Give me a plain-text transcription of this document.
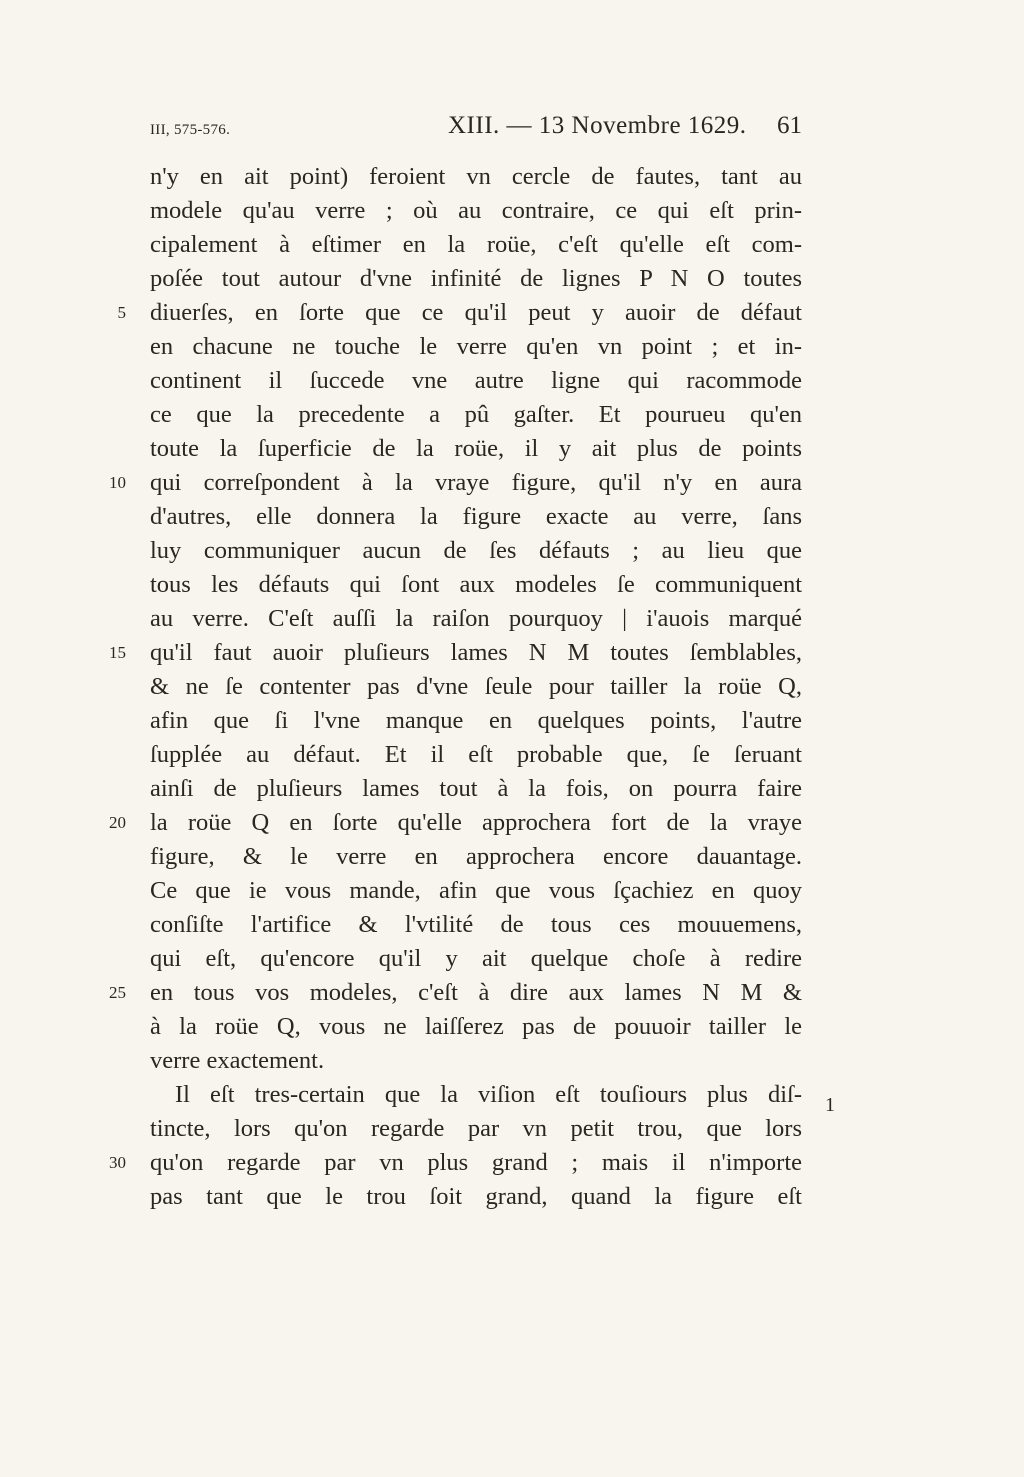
III, 575-576.	XIII. — 13 Novembre 1629. 61
n'y en ait point) feroient vn cercle de fautes, tant au
modele qu'au verre ; où au contraire, ce qui eſt prin-
cipalement à eſtimer en la roüe, c'eſt qu'elle eſt com-
poſée tout autour d'vne infinité de lignes P N O toutes
diuerſes, en ſorte que ce qu'il peut y auoir de défaut
en chacune ne touche le verre qu'en vn point ; et in-
continent il ſuccede vne autre ligne qui racommode
ce que la precedente a pû gaſter. Et pourueu qu'en
toute la ſuperficie de la roüe, il y ait plus de points
qui correſpondent à la vraye figure, qu'il n'y en aura
d'autres, elle donnera la figure exacte au verre, ſans
luy communiquer aucun de ſes défauts ; au lieu que
tous les défauts qui ſont aux modeles ſe communiquent
au verre. C'eſt auſſi la raiſon pourquoy | i'auois marqué
qu'il faut auoir pluſieurs lames N M toutes ſemblables,
& ne ſe contenter pas d'vne ſeule pour tailler la roüe Q,
afin que ſi l'vne manque en quelques points, l'autre
ſupplée au défaut. Et il eſt probable que, ſe ſeruant
ainſi de pluſieurs lames tout à la fois, on pourra faire
la roüe Q en ſorte qu'elle approchera fort de la vraye
figure, & le verre en approchera encore dauantage.
Ce que ie vous mande, afin que vous ſçachiez en quoy
conſiſte l'artifice & l'vtilité de tous ces mouuemens,
qui eſt, qu'encore qu'il y ait quelque choſe à redire
en tous vos modeles, c'eſt à dire aux lames N M &
à la roüe Q, vous ne laiſſerez pas de pouuoir tailler le
verre exactement.
Il eſt tres-certain que la viſion eſt touſiours plus diſ-
tincte, lors qu'on regarde par vn petit trou, que lors
qu'on regarde par vn plus grand ; mais il n'importe
pas tant que le trou ſoit grand, quand la figure eſt
5
10
15
20
25
30
1
